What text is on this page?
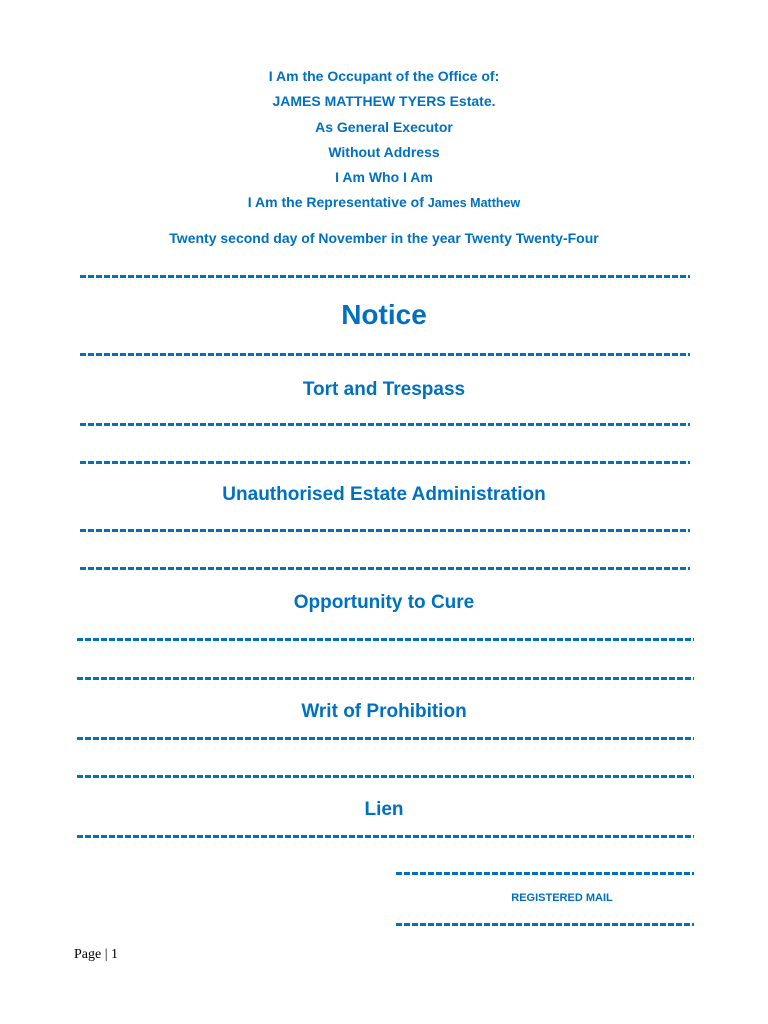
I Am the Occupant of the Office of:
JAMES MATTHEW TYERS Estate.
As General Executor
Without Address
I Am Who I Am
I Am the Representative of James Matthew
Twenty second day of November in the year Twenty Twenty-Four
Notice
Tort and Trespass
Unauthorised Estate Administration
Opportunity to Cure
Writ of Prohibition
Lien
REGISTERED MAIL
Page | 1
